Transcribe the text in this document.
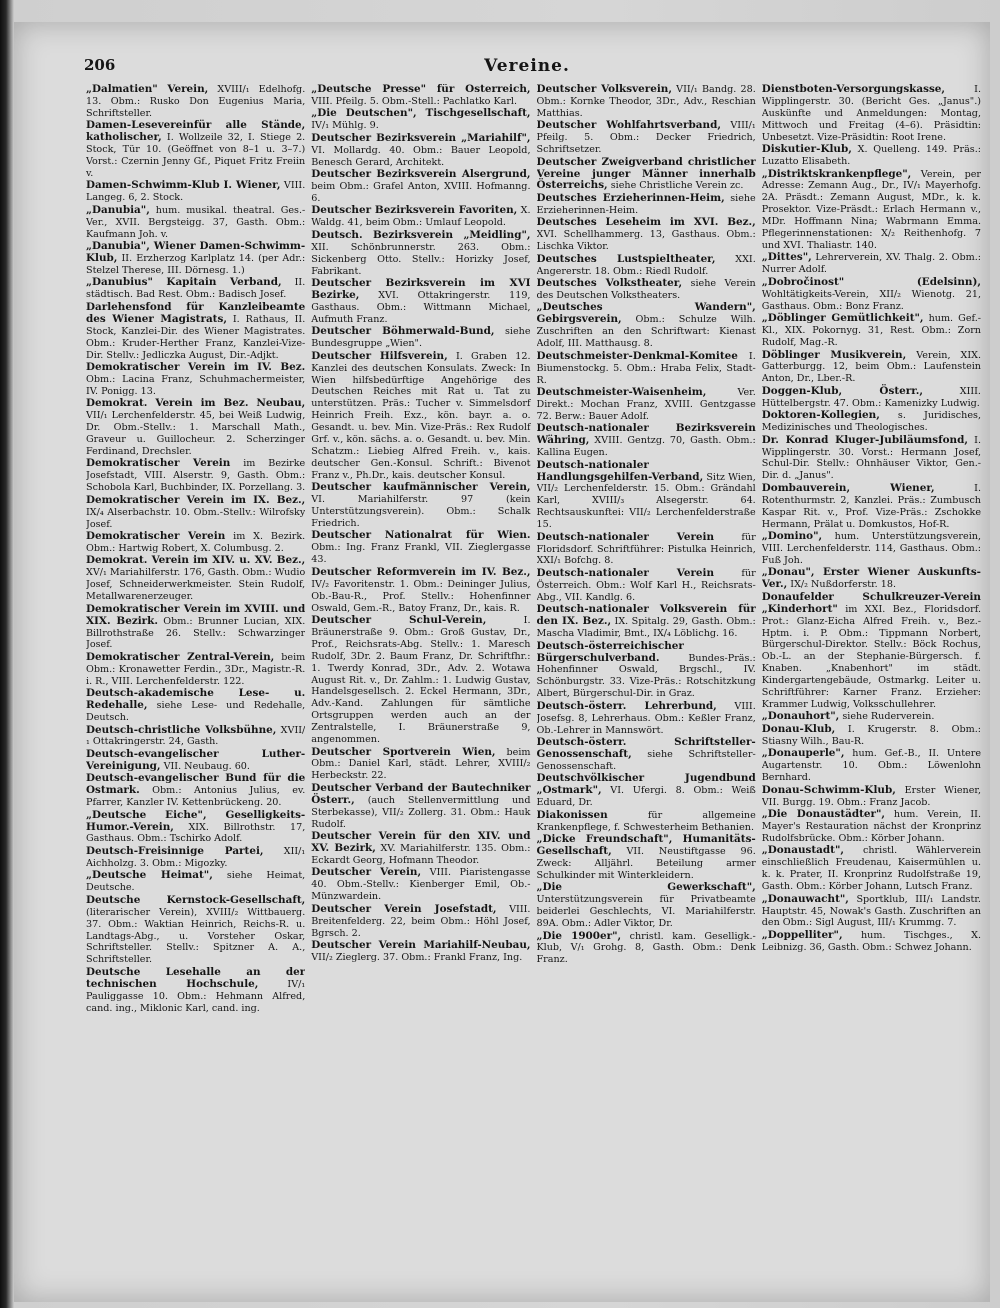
206	Vereine.
„Dalmatien" Verein, XVIII/₁ Edelhofg. 13. Obm.: Rusko Don Eugenius Maria, Schriftsteller.
Damen-Lesevereinfür alle Stände, katholischer, I. Wollzeile 32, I. Stiege 2. Stock, Tür 10. (Geöffnet von 8–1 u. 3–7.) Vorst.: Czernin Jenny Gf., Piquet Fritz Freiin v.
Damen-Schwimm-Klub I. Wiener, VIII. Langeg. 6, 2. Stock.
„Danubia", hum. musikal. theatral. Ges.-Ver., XVII. Bergsteigg. 37, Gasth. Obm.: Kaufmann Joh. v.
„Danubia", Wiener Damen-Schwimm-Klub, II. Erzherzog Karlplatz 14. (per Adr.: Stelzel Therese, III. Dörnesg. 1.)
„Danubius" Kapitain Verband, II. städtisch. Bad Rest. Obm.: Badisch Josef.
Darlehensfond für Kanzleibeamte des Wiener Magistrats, I. Rathaus, II. Stock, Kanzlei-Dir. des Wiener Magistrates. Obm.: Kruder-Herther Franz, Kanzlei-Vize-Dir. Stellv.: Jedliczka August, Dir.-Adjkt.
Demokratischer Verein im IV. Bez. Obm.: Lacina Franz, Schuhmachermeister, IV. Ponigg. 13.
Demokrat. Verein im Bez. Neubau, VII/₁ Lerchenfelderstr. 45, bei Weiß Ludwig, Dr. Obm.-Stellv.: 1. Marschall Math., Graveur u. Guillocheur. 2. Scherzinger Ferdinand, Drechsler.
Demokratischer Verein im Bezirke Josefstadt, VIII. Alserstr. 9, Gasth. Obm.: Schobola Karl, Buchbinder, IX. Porzellang. 3.
Demokratischer Verein im IX. Bez., IX/₄ Alserbachstr. 10. Obm.-Stellv.: Wilrofsky Josef.
Demokratischer Verein im X. Bezirk. Obm.: Hartwig Robert, X. Columbusg. 2.
Demokrat. Verein im XIV. u. XV. Bez., XV/₁ Mariahilferstr. 176, Gasth. Obm.: Wudio Josef, Schneiderwerkmeister. Stein Rudolf, Metallwarenerzeuger.
Demokratischer Verein im XVIII. und XIX. Bezirk. Obm.: Brunner Lucian, XIX. Billrothstraße 26. Stellv.: Schwarzinger Josef.
Demokratischer Zentral-Verein, beim Obm.: Kronawetter Ferdin., 3Dr., Magistr.-R. i. R., VIII. Lerchenfelderstr. 122.
Deutsch-akademische Lese- u. Redehalle, siehe Lese- und Redehalle, Deutsch.
Deutsch-christliche Volksbühne, XVII/₁ Ottakringerstr. 24, Gasth.
Deutsch-evangelischer Luther-Vereinigung, VII. Neubaug. 60.
Deutsch-evangelischer Bund für die Ostmark. Obm.: Antonius Julius, ev. Pfarrer, Kanzler IV. Kettenbrückeng. 20.
„Deutsche Eiche", Geselligkeits-Humor.-Verein, XIX. Billrothstr. 17, Gasthaus. Obm.: Tschirko Adolf.
Deutsch-Freisinnige Partei, XII/₁ Aichholzg. 3. Obm.: Migozky.
„Deutsche Heimat", siehe Heimat, Deutsche.
Deutsche Kernstock-Gesellschaft, (literarischer Verein), XVIII/₂ Wittbauerg. 37. Obm.: Waktian Heinrich, Reichs-R. u. Landtags-Abg., u. Vorsteher Oskar, Schriftsteller. Stellv.: Spitzner A. A., Schriftsteller.
Deutsche Lesehalle an der technischen Hochschule, IV/₁ Pauliggasse 10. Obm.: Hehmann Alfred, cand. ing., Miklonic Karl, cand. ing.
„Deutsche Presse" für Österreich, VIII. Pfeilg. 5. Obm.-Stell.: Pachlatko Karl.
„Die Deutschen", Tischgesellschaft, IV/₁ Mühlg. 9.
Deutscher Bezirksverein „Mariahilf", VI. Mollardg. 40. Obm.: Bauer Leopold, Benesch Gerard, Architekt.
Deutscher Bezirksverein Alsergrund, beim Obm.: Grafel Anton, XVIII. Hofmanng. 6.
Deutscher Bezirksverein Favoriten, X. Waldg. 41, beim Obm.: Umlauf Leopold.
Deutsch. Bezirksverein „Meidling", XII. Schönbrunnerstr. 263. Obm.: Sickenberg Otto. Stellv.: Horizky Josef, Fabrikant.
Deutscher Bezirksverein im XVI Bezirke, XVI. Ottakringerstr. 119, Gasthaus. Obm.: Wittmann Michael, Aufmuth Franz.
Deutscher Böhmerwald-Bund, siehe Bundesgruppe „Wien".
Deutscher Hilfsverein, I. Graben 12. Kanzlei des deutschen Konsulats. Zweck: In Wien hilfsbedürftige Angehörige des Deutschen Reiches mit Rat u. Tat zu unterstützen. Präs.: Tucher v. Simmelsdorf Heinrich Freih. Exz., kön. bayr. a. o. Gesandt. u. bev. Min. Vize-Präs.: Rex Rudolf Grf. v., kön. sächs. a. o. Gesandt. u. bev. Min. Schatzm.: Liebieg Alfred Freih. v., kais. deutscher Gen.-Konsul. Schrift.: Bivenot Franz v., Ph.Dr., kais. deutscher Konsul.
Deutscher kaufmännischer Verein, VI. Mariahilferstr. 97 (kein Unterstützungsverein). Obm.: Schalk Friedrich.
Deutscher Nationalrat für Wien. Obm.: Ing. Franz Frankl, VII. Zieglergasse 43.
Deutscher Reformverein im IV. Bez., IV/₂ Favoritenstr. 1. Obm.: Deininger Julius, Ob.-Bau-R., Prof. Stellv.: Hohenfinner Oswald, Gem.-R., Batoy Franz, Dr., kais. R.
Deutscher Schul-Verein, I. Bräunerstraße 9. Obm.: Groß Gustav, Dr., Prof., Reichsrats-Abg. Stellv.: 1. Maresch Rudolf, 3Dr. 2. Baum Franz, Dr. Schriftfhr.: 1. Twerdy Konrad, 3Dr., Adv. 2. Wotawa August Rit. v., Dr. Zahlm.: 1. Ludwig Gustav, Handelsgesellsch. 2. Eckel Hermann, 3Dr., Adv.-Kand. Zahlungen für sämtliche Ortsgruppen werden auch an der Zentralstelle, I. Bräunerstraße 9, angenommen.
Deutscher Sportverein Wien, beim Obm.: Daniel Karl, städt. Lehrer, XVIII/₂ Herbeckstr. 22.
Deutscher Verband der Bautechniker Österr., (auch Stellenvermittlung und Sterbekasse), VII/₂ Zollerg. 31. Obm.: Hauk Rudolf.
Deutscher Verein für den XIV. und XV. Bezirk, XV. Mariahilferstr. 135. Obm.: Eckardt Georg, Hofmann Theodor.
Deutscher Verein, VIII. Piaristengasse 40. Obm.-Stellv.: Kienberger Emil, Ob.-Münzwardein.
Deutscher Verein Josefstadt, VIII. Breitenfelderg. 22, beim Obm.: Höhl Josef, Bgrsch. 2.
Deutscher Verein Mariahilf-Neubau, VII/₂ Zieglerg. 37. Obm.: Frankl Franz, Ing.
Deutscher Volksverein, VII/₁ Bandg. 28. Obm.: Kornke Theodor, 3Dr., Adv., Reschian Matthias.
Deutscher Wohlfahrtsverband, VIII/₁ Pfeilg. 5. Obm.: Decker Friedrich, Schriftsetzer.
Deutscher Zweigverband christlicher Vereine junger Männer innerhalb Österreichs, siehe Christliche Verein zc.
Deutsches Erzieherinnen-Heim, siehe Erzieherinnen-Heim.
Deutsches Leseheim im XVI. Bez., XVI. Schellhammerg. 13, Gasthaus. Obm.: Lischka Viktor.
Deutsches Lustspieltheater, XXI. Angererstr. 18. Obm.: Riedl Rudolf.
Deutsches Volkstheater, siehe Verein des Deutschen Volkstheaters.
„Deutsches Wandern", Gebirgsverein, Obm.: Schulze Wilh. Zuschriften an den Schriftwart: Kienast Adolf, III. Matthausg. 8.
Deutschmeister-Denkmal-Komitee I. Biumenstockg. 5. Obm.: Hraba Felix, Stadt-R.
Deutschmeister-Waisenheim, Ver. Direkt.: Mochan Franz, XVIII. Gentzgasse 72. Berw.: Bauer Adolf.
Deutsch-nationaler Bezirksverein Währing, XVIII. Gentzg. 70, Gasth. Obm.: Kallina Eugen.
Deutsch-nationaler Handlungsgehilfen-Verband, Sitz Wien, VII/₂ Lerchenfelderstr. 15. Obm.: Grändahl Karl, XVIII/₃ Alsegerstr. 64. Rechtsauskunftei: VII/₂ Lerchenfelderstraße 15.
Deutsch-nationaler Verein für Floridsdorf. Schriftführer: Pistulka Heinrich, XXI/₁ Bofchg. 8.
Deutsch-nationaler Verein für Österreich. Obm.: Wolf Karl H., Reichsrats-Abg., VII. Kandlg. 6.
Deutsch-nationaler Volksverein für den IX. Bez., IX. Spitalg. 29, Gasth. Obm.: Mascha Vladimir, Bmt., IX/₄ Löblichg. 16.
Deutsch-österreichischer Bürgerschulverband. Bundes-Präs.: Hohenfinner Oswald, Brgschl., IV. Schönburgstr. 33. Vize-Präs.: Rotschitzkung Albert, Bürgerschul-Dir. in Graz.
Deutsch-österr. Lehrerbund, VIII. Josefsg. 8, Lehrerhaus. Obm.: Keßler Franz, Ob.-Lehrer in Mannswört.
Deutsch-österr. Schriftsteller-Genossenschaft, siehe Schriftsteller-Genossenschaft.
Deutschvölkischer Jugendbund „Ostmark", VI. Ufergi. 8. Obm.: Weiß Eduard, Dr.
Diakonissen für allgemeine Krankenpflege, f. Schwesterheim Bethanien.
„Dicke Freundschaft", Humanitäts-Gesellschaft, VII. Neustiftgasse 96. Zweck: Alljährl. Beteilung armer Schulkinder mit Winterkleidern.
„Die Gewerkschaft", Unterstützungsverein für Privatbeamte beiderlei Geschlechts, VI. Mariahilferstr. 89A. Obm.: Adler Viktor, Dr.
„Die 1900er", christl. kam. Geselligk.-Klub, V/₁ Grohg. 8, Gasth. Obm.: Denk Franz.
Dienstboten-Versorgungskasse, I. Wipplingerstr. 30. (Bericht Ges. „Janus".) Auskünfte und Anmeldungen: Montag, Mittwoch und Freitag (4–6). Präsidtin: Unbesetzt. Vize-Präsidtin: Root Irene.
Diskutier-Klub, X. Quelleng. 149. Präs.: Luzatto Elisabeth.
„Distriktskrankenpflege", Verein, per Adresse: Zemann Aug., Dr., IV/₁ Mayerhofg. 2A. Präsdt.: Zemann August, MDr., k. k. Prosektor. Vize-Präsdt.: Erlach Hermann v., MDr. Hoffmann Nina; Wabrmann Emma. Pflegerinnenstationen: X/₂ Reithenhofg. 7 und XVI. Thaliastr. 140.
„Dittes", Lehrerverein, XV. Thalg. 2. Obm.: Nurrer Adolf.
„Dobročinost" (Edelsinn), Wohltätigkeits-Verein, XII/₂ Wienotg. 21, Gasthaus. Obm.: Bonz Franz.
„Döblinger Gemütlichkeit", hum. Gef.-Kl., XIX. Pokornyg. 31, Rest. Obm.: Zorn Rudolf, Mag.-R.
Döblinger Musikverein, Verein, XIX. Gatterburgg. 12, beim Obm.: Laufenstein Anton, Dr., Lber.-R.
Doggen-Klub, Österr., XIII. Hüttelbergstr. 47. Obm.: Kamenizky Ludwig.
Doktoren-Kollegien, s. Juridisches, Medizinisches und Theologisches.
Dr. Konrad Kluger-Jubiläumsfond, I. Wipplingerstr. 30. Vorst.: Hermann Josef, Schul-Dir. Stellv.: Ohnhäuser Viktor, Gen.-Dir. d. „Janus".
Dombauverein, Wiener, I. Rotenthurmstr. 2, Kanzlei. Präs.: Zumbusch Kaspar Rit. v., Prof. Vize-Präs.: Zschokke Hermann, Prälat u. Domkustos, Hof-R.
„Domino", hum. Unterstützungsverein, VIII. Lerchenfelderstr. 114, Gasthaus. Obm.: Fuß Joh.
„Donau", Erster Wiener Auskunfts-Ver., IX/₂ Nußdorferstr. 18.
Donaufelder Schulkreuzer-Verein „Kinderhort" im XXI. Bez., Floridsdorf. Prot.: Glanz-Eicha Alfred Freih. v., Bez.-Hptm. i. P. Obm.: Tippmann Norbert, Bürgerschul-Direktor. Stellv.: Böck Rochus, Ob.-L. an der Stephanie-Bürgersch. f. Knaben. „Knabenhort" im städt. Kindergartengebäude, Ostmarkg. Leiter u. Schriftführer: Karner Franz. Erzieher: Krammer Ludwig, Volksschullehrer.
„Donauhort", siehe Ruderverein.
Donau-Klub, I. Krugerstr. 8. Obm.: Stiasny Wilh., Bau-R.
„Donauperle", hum. Gef.-B., II. Untere Augartenstr. 10. Obm.: Löwenlohn Bernhard.
Donau-Schwimm-Klub, Erster Wiener, VII. Burgg. 19. Obm.: Franz Jacob.
„Die Donaustädter", hum. Verein, II. Mayer's Restauration nächst der Kronprinz Rudolfsbrücke. Obm.: Körber Johann.
„Donaustadt", christl. Wählerverein einschließlich Freudenau, Kaisermühlen u. k. k. Prater, II. Kronprinz Rudolfstraße 19, Gasth. Obm.: Körber Johann, Lutsch Franz.
„Donauwacht", Sportklub, III/₁ Landstr. Hauptstr. 45, Nowak's Gasth. Zuschriften an den Obm.: Sigl August, III/₁ Krummg. 7.
„Doppelliter", hum. Tischges., X. Leibnizg. 36, Gasth. Obm.: Schwez Johann.
